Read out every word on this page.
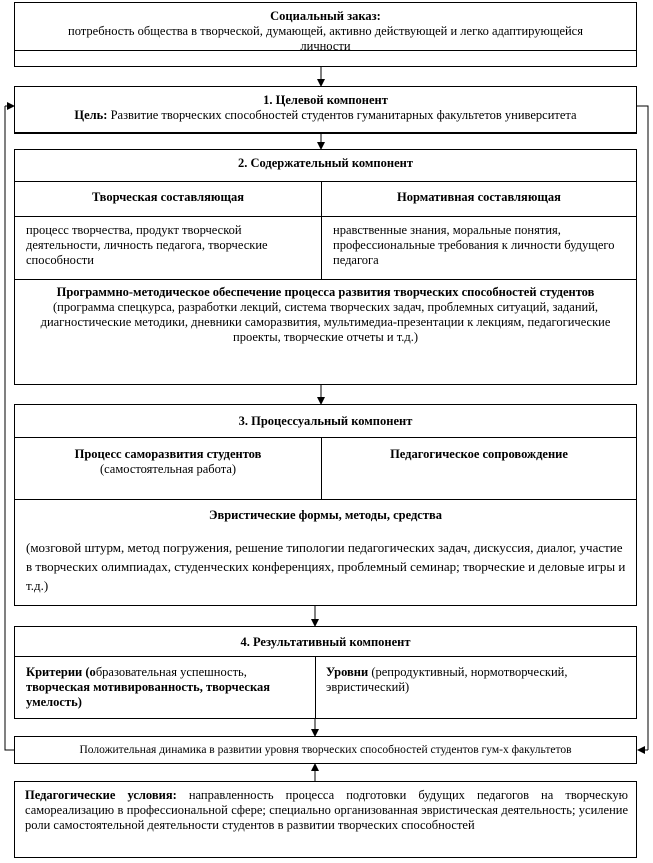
Социальный заказ:
потребность общества в творческой, думающей, активно действующей и легко адаптирующейся личности
1. Целевой компонент
Цель: Развитие творческих способностей студентов гуманитарных факультетов университета
2. Содержательный компонент
Творческая составляющая	Нормативная составляющая
процесс творчества, продукт творческой деятельности, личность педагога, творческие способности
нравственные знания, моральные понятия, профессиональные требования к личности будущего педагога
Программно-методическое обеспечение процесса развития творческих способностей студентов
(программа спецкурса, разработки лекций, система творческих задач, проблемных ситуаций, заданий, диагностические методики, дневники саморазвития, мультимедиа-презентации к лекциям, педагогические проекты, творческие отчеты и т.д.)
3. Процессуальный компонент
Процесс саморазвития студентов
(самостоятельная работа)
Педагогическое сопровождение
Эвристические формы, методы, средства
(мозговой штурм, метод погружения, решение типологии педагогических задач, дискуссия, диалог, участие в творческих олимпиадах, студенческих конференциях, проблемный семинар; творческие и деловые игры и т.д.)
4. Результативный компонент
Критерии (образовательная успешность, творческая мотивированность, творческая умелость)
Уровни (репродуктивный, нормотворческий, эвристический)
Положительная динамика в развитии уровня творческих способностей студентов гум-х факультетов
Педагогические условия: направленность процесса подготовки будущих педагогов на творческую самореализацию в профессиональной сфере; специально организованная эвристическая деятельность; усиление роли самостоятельной деятельности студентов в развитии творческих способностей
